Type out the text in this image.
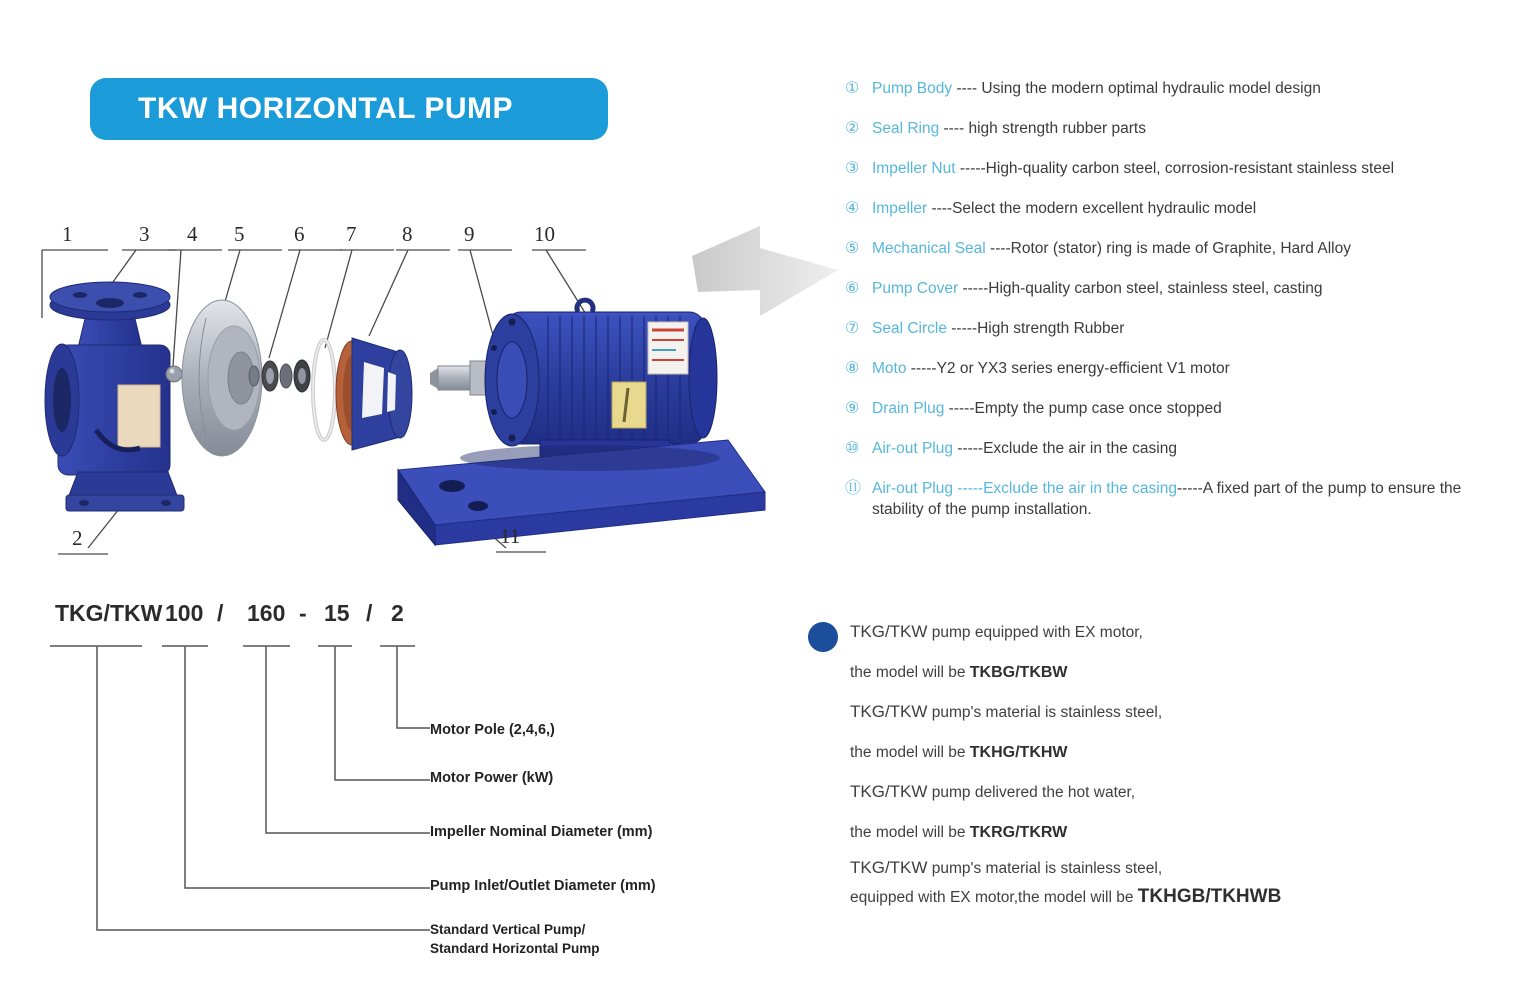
TKW HORIZONTAL PUMP
1
2
3 4 5 6 7 8 9	10
11
① Pump Body ---- Using the modern optimal hydraulic model design
② Seal Ring ---- high strength rubber parts
③ Impeller Nut -----High-quality carbon steel, corrosion-resistant stainless steel
④ Impeller ----Select the modern excellent hydraulic model
⑤ Mechanical Seal ----Rotor (stator) ring is made of Graphite, Hard Alloy
⑥ Pump Cover -----High-quality carbon steel, stainless steel, casting
⑦ Seal Circle -----High strength Rubber
⑧ Moto -----Y2 or YX3 series energy-efficient V1 motor
⑨ Drain Plug -----Empty the pump case once stopped
⑩ Air-out Plug -----Exclude the air in the casing
⑪ Air-out Plug -----Exclude the air in the casing-----A fixed part of the pump to ensure the stability of the pump installation.
TKG/TKW 100 / 160 - 15 / 2
Motor Pole (2,4,6,)
Motor Power (kW)
Impeller Nominal Diameter (mm)
Pump Inlet/Outlet Diameter (mm)
Standard Vertical Pump/
Standard Horizontal Pump
TKG/TKW pump equipped with EX motor,
the model will be TKBG/TKBW
TKG/TKW pump's material is stainless steel,
the model will be TKHG/TKHW
TKG/TKW pump delivered the hot water,
the model will be TKRG/TKRW
TKG/TKW pump's material is stainless steel,
equipped with EX motor,the model will be TKHGB/TKHWB
